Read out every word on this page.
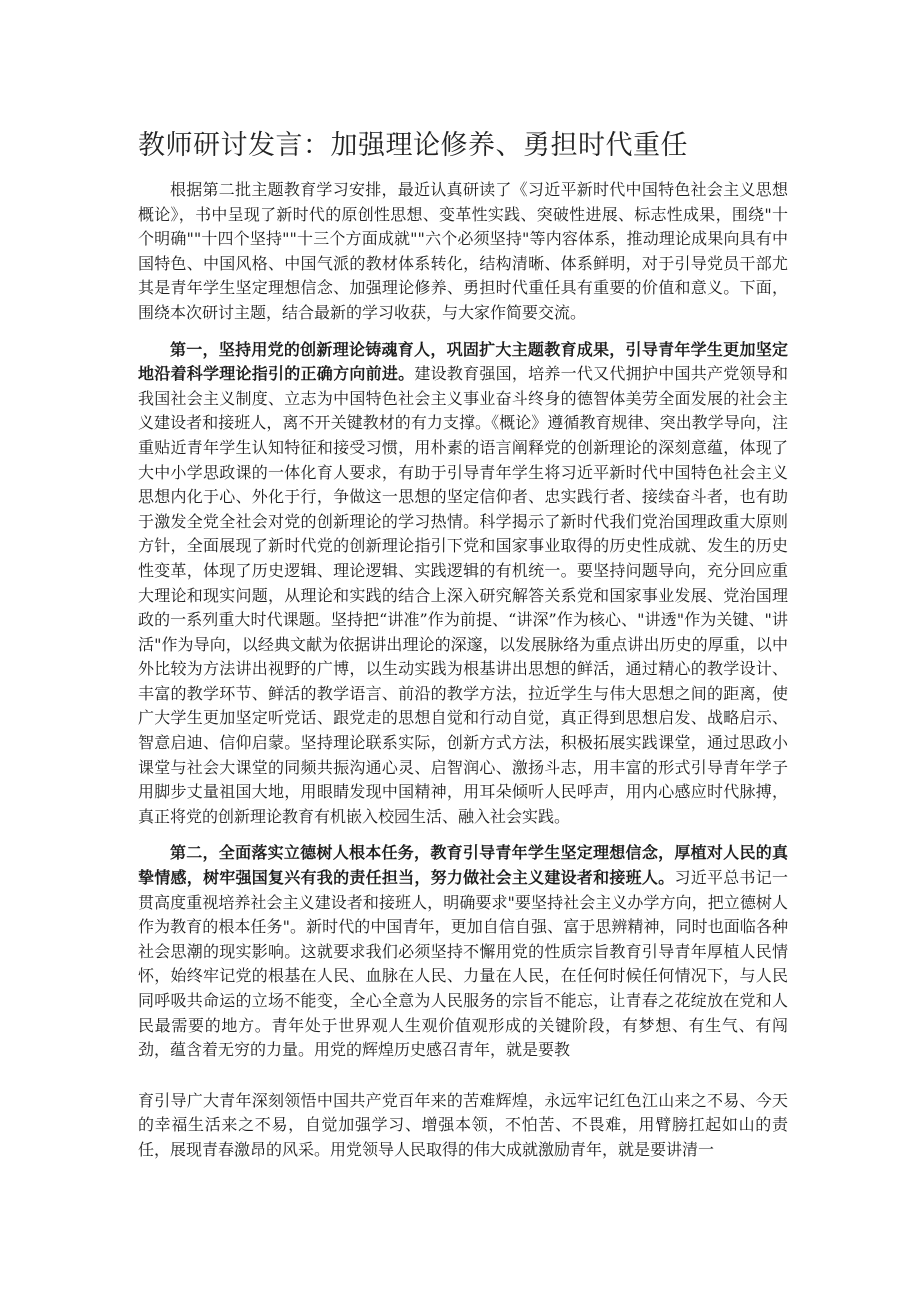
教师研讨发言：加强理论修养、勇担时代重任

根据第二批主题教育学习安排，最近认真研读了《习近平新时代中国特色社会主义思想概论》，书中呈现了新时代的原创性思想、变革性实践、突破性进展、标志性成果，围绕"十个明确""十四个坚持""十三个方面成就""六个必须坚持"等内容体系，推动理论成果向具有中国特色、中国风格、中国气派的教材体系转化，结构清晰、体系鲜明，对于引导党员干部尤其是青年学生坚定理想信念、加强理论修养、勇担时代重任具有重要的价值和意义。下面，围绕本次研讨主题，结合最新的学习收获，与大家作简要交流。

第一，坚持用党的创新理论铸魂育人，巩固扩大主题教育成果，引导青年学生更加坚定地沿着科学理论指引的正确方向前进。建设教育强国，培养一代又代拥护中国共产党领导和我国社会主义制度、立志为中国特色社会主义事业奋斗终身的德智体美劳全面发展的社会主义建设者和接班人，离不开关键教材的有力支撑。《概论》遵循教育规律、突出教学导向，注重贴近青年学生认知特征和接受习惯，用朴素的语言阐释党的创新理论的深刻意蕴，体现了大中小学思政课的一体化育人要求，有助于引导青年学生将习近平新时代中国特色社会主义思想内化于心、外化于行，争做这一思想的坚定信仰者、忠实践行者、接续奋斗者，也有助于激发全党全社会对党的创新理论的学习热情。科学揭示了新时代我们党治国理政重大原则方针，全面展现了新时代党的创新理论指引下党和国家事业取得的历史性成就、发生的历史性变革，体现了历史逻辑、理论逻辑、实践逻辑的有机统一。要坚持问题导向，充分回应重大理论和现实问题，从理论和实践的结合上深入研究解答关系党和国家事业发展、党治国理政的一系列重大时代课题。坚持把“讲准”作为前提、“讲深”作为核心、"讲透"作为关键、"讲活"作为导向，以经典文献为依据讲出理论的深邃，以发展脉络为重点讲出历史的厚重，以中外比较为方法讲出视野的广博，以生动实践为根基讲出思想的鲜活，通过精心的教学设计、丰富的教学环节、鲜活的教学语言、前沿的教学方法，拉近学生与伟大思想之间的距离，使广大学生更加坚定听党话、跟党走的思想自觉和行动自觉，真正得到思想启发、战略启示、智意启迪、信仰启蒙。坚持理论联系实际，创新方式方法，积极拓展实践课堂，通过思政小课堂与社会大课堂的同频共振沟通心灵、启智润心、激扬斗志，用丰富的形式引导青年学子用脚步丈量祖国大地，用眼睛发现中国精神，用耳朵倾听人民呼声，用内心感应时代脉搏，真正将党的创新理论教育有机嵌入校园生活、融入社会实践。

第二，全面落实立德树人根本任务，教育引导青年学生坚定理想信念，厚植对人民的真挚情感，树牢强国复兴有我的责任担当，努力做社会主义建设者和接班人。习近平总书记一贯高度重视培养社会主义建设者和接班人，明确要求"要坚持社会主义办学方向，把立德树人作为教育的根本任务"。新时代的中国青年，更加自信自强、富于思辨精神，同时也面临各种社会思潮的现实影响。这就要求我们必须坚持不懈用党的性质宗旨教育引导青年厚植人民情怀，始终牢记党的根基在人民、血脉在人民、力量在人民，在任何时候任何情况下，与人民同呼吸共命运的立场不能变，全心全意为人民服务的宗旨不能忘，让青春之花绽放在党和人民最需要的地方。青年处于世界观人生观价值观形成的关键阶段，有梦想、有生气、有闯劲，蕴含着无穷的力量。用党的辉煌历史感召青年，就是要教

育引导广大青年深刻领悟中国共产党百年来的苦难辉煌，永远牢记红色江山来之不易、今天的幸福生活来之不易，自觉加强学习、增强本领，不怕苦、不畏难，用臂膀扛起如山的责任，展现青春激昂的风采。用党领导人民取得的伟大成就激励青年，就是要讲清一
